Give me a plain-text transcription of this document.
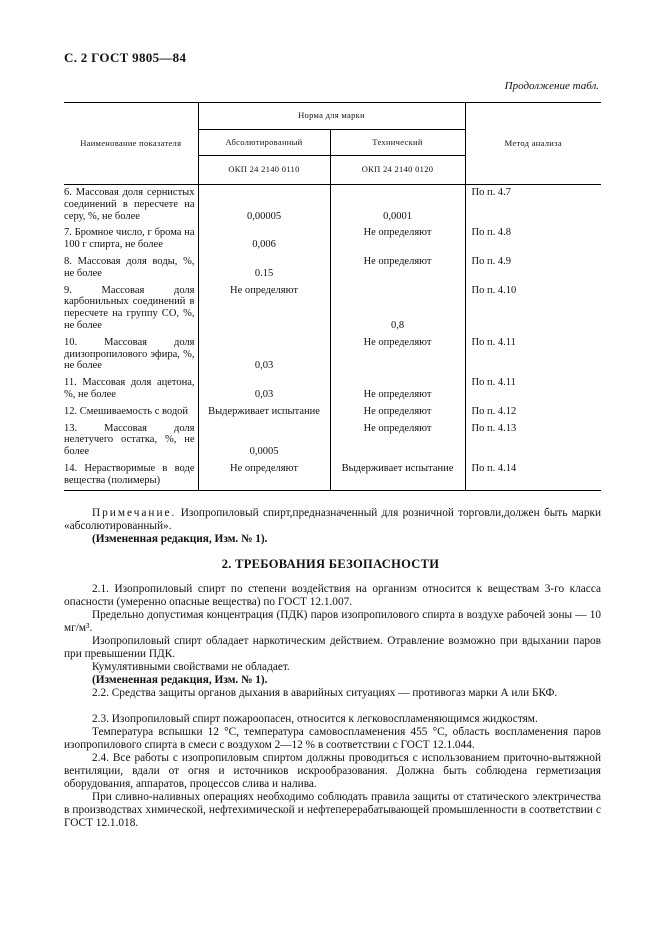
С. 2 ГОСТ 9805—84
Продолжение табл.
Наименование показателя	Норма для марки		Метод анализа
	Абсолютированный	Технический	
	ОКП 24 2140 0110	ОКП 24 2140 0120	
6. Массовая доля сернистых соединений в пересчете на серу, %, не более	0,00005	0,0001	По п. 4.7
7. Бромное число, г брома на 100 г спирта, не более	0,006	Не определяют	По п. 4.8
8. Массовая доля воды, %, не более	0.15	Не определяют	По п. 4.9
9. Массовая доля карбонильных соединений в пересчете на группу CO, %, не более	Не определяют	0,8	По п. 4.10
10. Массовая доля диизопропилового эфира, %, не более	0,03	Не определяют	По п. 4.11
11. Массовая доля ацетона, %, не более	0,03	Не определяют	По п. 4.11
12. Смешиваемость с водой	Выдерживает испытание	Не определяют	По п. 4.12
13. Массовая доля нелетучего остатка, %, не более	0,0005	Не определяют	По п. 4.13
14. Нерастворимые в воде вещества (полимеры)	Не определяют	Выдерживает испытание	По п. 4.14
Примечание. Изопропиловый спирт,предназначенный для розничной торговли,должен быть марки «абсолютированный».
(Измененная редакция, Изм. № 1).
2. ТРЕБОВАНИЯ БЕЗОПАСНОСТИ
2.1. Изопропиловый спирт по степени воздействия на организм относится к веществам 3-го класса опасности (умеренно опасные вещества) по ГОСТ 12.1.007.
Предельно допустимая концентрация (ПДК) паров изопропилового спирта в воздухе рабочей зоны — 10 мг/м³.
Изопропиловый спирт обладает наркотическим действием. Отравление возможно при вдыхании паров при превышении ПДК.
Кумулятивными свойствами не обладает.
(Измененная редакция, Изм. № 1).
2.2. Средства защиты органов дыхания в аварийных ситуациях — противогаз марки А или БКФ.
2.3. Изопропиловый спирт пожароопасен, относится к легковоспламеняющимся жидкостям.
Температура вспышки 12 °С, температура самовоспламенения 455 °С, область воспламенения паров изопропилового спирта в смеси с воздухом 2—12 % в соответствии с ГОСТ 12.1.044.
2.4. Все работы с изопропиловым спиртом должны проводиться с использованием приточно-вытяжной вентиляции, вдали от огня и источников искрообразования. Должна быть соблюдена герметизация оборудования, аппаратов, процессов слива и налива.
При сливно-наливных операциях необходимо соблюдать правила защиты от статического электричества в производствах химической, нефтехимической и нефтеперерабатывающей промышленности в соответствии с ГОСТ 12.1.018.
